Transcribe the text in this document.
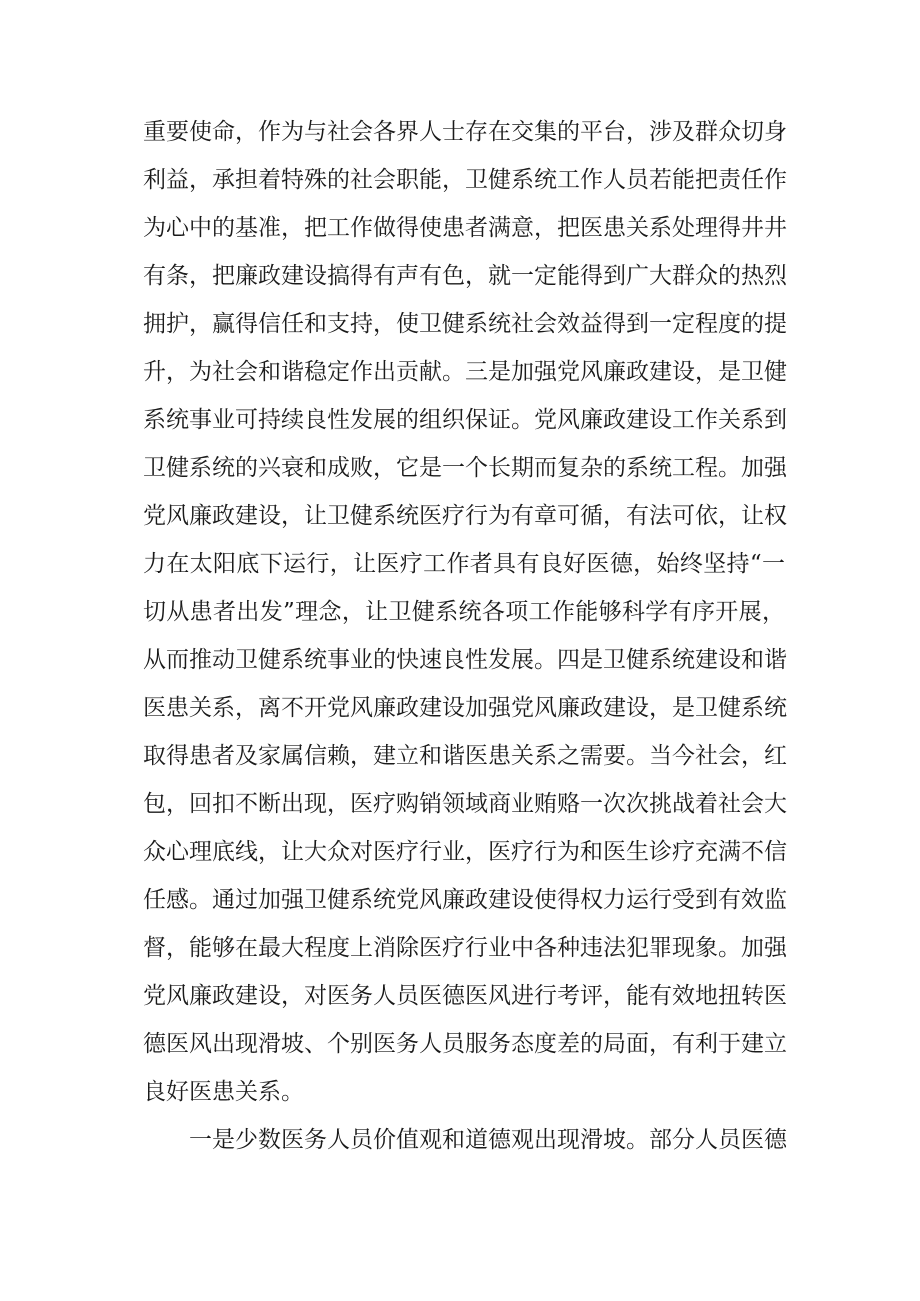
重要使命，作为与社会各界人士存在交集的平台，涉及群众切身
利益，承担着特殊的社会职能，卫健系统工作人员若能把责任作
为心中的基准，把工作做得使患者满意，把医患关系处理得井井
有条，把廉政建设搞得有声有色，就一定能得到广大群众的热烈
拥护，赢得信任和支持，使卫健系统社会效益得到一定程度的提
升，为社会和谐稳定作出贡献。三是加强党风廉政建设，是卫健
系统事业可持续良性发展的组织保证。党风廉政建设工作关系到
卫健系统的兴衰和成败，它是一个长期而复杂的系统工程。加强
党风廉政建设，让卫健系统医疗行为有章可循，有法可依，让权
力在太阳底下运行，让医疗工作者具有良好医德，始终坚持“一
切从患者出发”理念，让卫健系统各项工作能够科学有序开展，
从而推动卫健系统事业的快速良性发展。四是卫健系统建设和谐
医患关系，离不开党风廉政建设加强党风廉政建设，是卫健系统
取得患者及家属信赖，建立和谐医患关系之需要。当今社会，红
包，回扣不断出现，医疗购销领域商业贿赂一次次挑战着社会大
众心理底线，让大众对医疗行业，医疗行为和医生诊疗充满不信
任感。通过加强卫健系统党风廉政建设使得权力运行受到有效监
督，能够在最大程度上消除医疗行业中各种违法犯罪现象。加强
党风廉政建设，对医务人员医德医风进行考评，能有效地扭转医
德医风出现滑坡、个别医务人员服务态度差的局面，有利于建立
良好医患关系。
一是少数医务人员价值观和道德观出现滑坡。部分人员医德
